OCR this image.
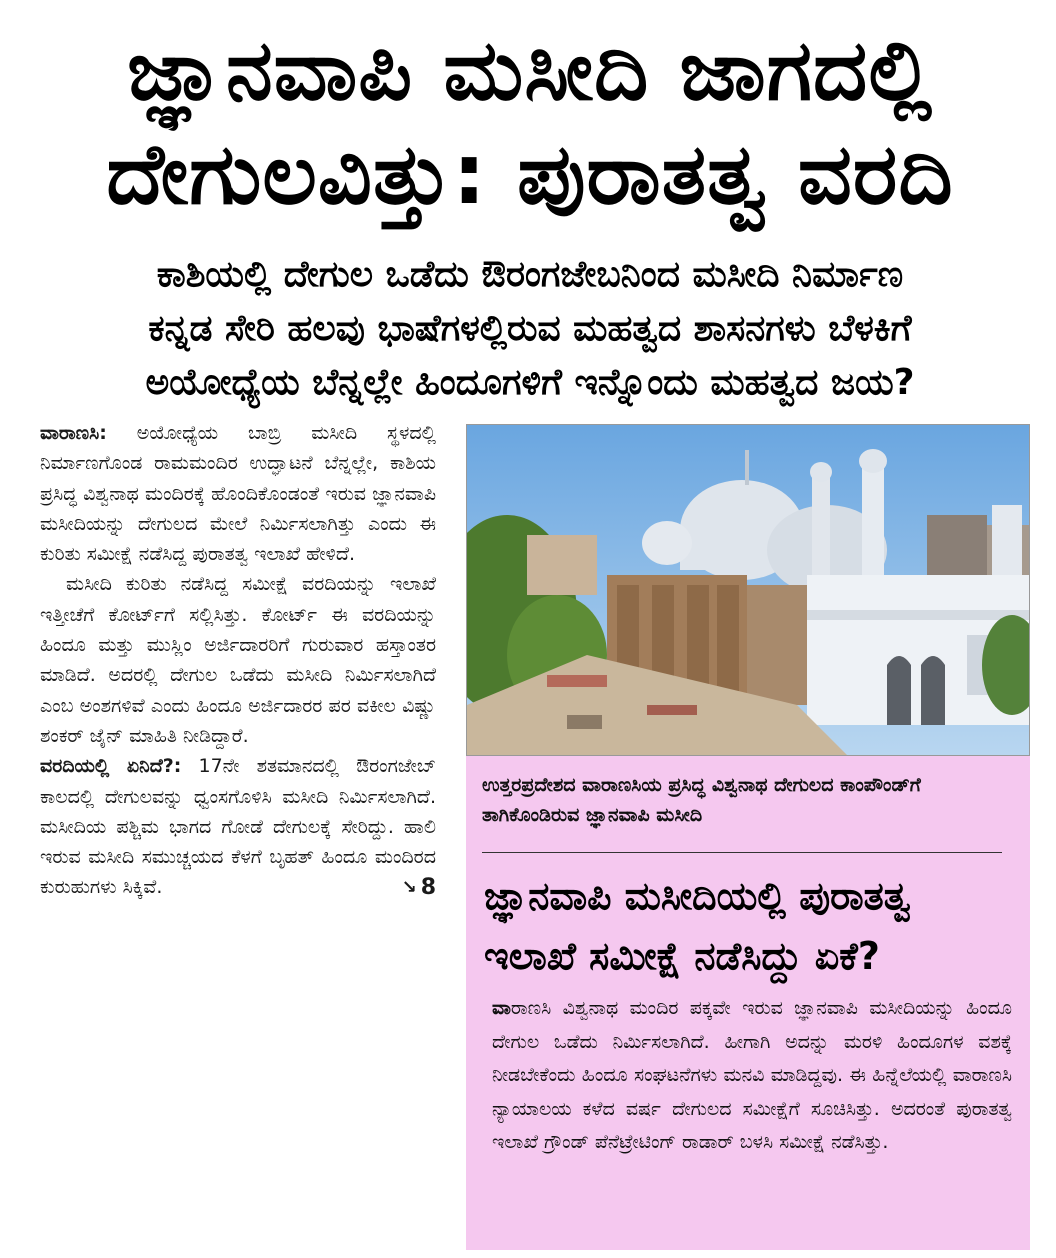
ಜ್ಞಾನವಾಪಿ ಮಸೀದಿ ಜಾಗದಲ್ಲಿ
ದೇಗುಲವಿತ್ತು: ಪುರಾತತ್ವ ವರದಿ
ಕಾಶಿಯಲ್ಲಿ ದೇಗುಲ ಒಡೆದು ಔರಂಗಜೇಬನಿಂದ ಮಸೀದಿ ನಿರ್ಮಾಣ
ಕನ್ನಡ ಸೇರಿ ಹಲವು ಭಾಷೆಗಳಲ್ಲಿರುವ ಮಹತ್ವದ ಶಾಸನಗಳು ಬೆಳಕಿಗೆ
ಅಯೋಧ್ಯೆಯ ಬೆನ್ನಲ್ಲೇ ಹಿಂದೂಗಳಿಗೆ ಇನ್ನೊಂದು ಮಹತ್ವದ ಜಯ?

ವಾರಾಣಸಿ: ಅಯೋಧ್ಯೆಯ ಬಾಬ್ರಿ ಮಸೀದಿ ಸ್ಥಳದಲ್ಲಿ ನಿರ್ಮಾಣಗೊಂಡ ರಾಮಮಂದಿರ ಉದ್ಘಾಟನೆ ಬೆನ್ನಲ್ಲೇ, ಕಾಶಿಯ ಪ್ರಸಿದ್ಧ ವಿಶ್ವನಾಥ ಮಂದಿರಕ್ಕೆ ಹೊಂದಿಕೊಂಡಂತೆ ಇರುವ ಜ್ಞಾನವಾಪಿ ಮಸೀದಿಯನ್ನು ದೇಗುಲದ ಮೇಲೆ ನಿರ್ಮಿಸಲಾಗಿತ್ತು ಎಂದು ಈ ಕುರಿತು ಸಮೀಕ್ಷೆ ನಡೆಸಿದ್ದ ಪುರಾತತ್ವ ಇಲಾಖೆ ಹೇಳಿದೆ.

ಮಸೀದಿ ಕುರಿತು ನಡೆಸಿದ್ದ ಸಮೀಕ್ಷೆ ವರದಿಯನ್ನು ಇಲಾಖೆ ಇತ್ತೀಚೆಗೆ ಕೋರ್ಟ್‌ಗೆ ಸಲ್ಲಿಸಿತ್ತು. ಕೋರ್ಟ್ ಈ ವರದಿಯನ್ನು ಹಿಂದೂ ಮತ್ತು ಮುಸ್ಲಿಂ ಅರ್ಜಿದಾರರಿಗೆ ಗುರುವಾರ ಹಸ್ತಾಂತರ ಮಾಡಿದೆ. ಅದರಲ್ಲಿ ದೇಗುಲ ಒಡೆದು ಮಸೀದಿ ನಿರ್ಮಿಸಲಾಗಿದೆ ಎಂಬ ಅಂಶಗಳಿವೆ ಎಂದು ಹಿಂದೂ ಅರ್ಜಿದಾರರ ಪರ ವಕೀಲ ವಿಷ್ಣು ಶಂಕರ್ ಜೈನ್ ಮಾಹಿತಿ ನೀಡಿದ್ದಾರೆ.

ವರದಿಯಲ್ಲಿ ಏನಿದೆ?: 17ನೇ ಶತಮಾನದಲ್ಲಿ ಔರಂಗಜೇಬ್ ಕಾಲದಲ್ಲಿ ದೇಗುಲವನ್ನು ಧ್ವಂಸಗೊಳಿಸಿ ಮಸೀದಿ ನಿರ್ಮಿಸಲಾಗಿದೆ. ಮಸೀದಿಯ ಪಶ್ಚಿಮ ಭಾಗದ ಗೋಡೆ ದೇಗುಲಕ್ಕೆ ಸೇರಿದ್ದು. ಹಾಲಿ ಇರುವ ಮಸೀದಿ ಸಮುಚ್ಚಯದ ಕೆಳಗೆ ಬೃಹತ್ ಹಿಂದೂ ಮಂದಿರದ ಕುರುಹುಗಳು ಸಿಕ್ಕಿವೆ.	↘ 8
ಉತ್ತರಪ್ರದೇಶದ ವಾರಾಣಸಿಯ ಪ್ರಸಿದ್ಧ ವಿಶ್ವನಾಥ ದೇಗುಲದ ಕಾಂಪೌಂಡ್‌ಗೆ ತಾಗಿಕೊಂಡಿರುವ ಜ್ಞಾನವಾಪಿ ಮಸೀದಿ
ಜ್ಞಾನವಾಪಿ ಮಸೀದಿಯಲ್ಲಿ ಪುರಾತತ್ವ ಇಲಾಖೆ ಸಮೀಕ್ಷೆ ನಡೆಸಿದ್ದು ಏಕೆ?
ವಾರಾಣಸಿ ವಿಶ್ವನಾಥ ಮಂದಿರ ಪಕ್ಕವೇ ಇರುವ ಜ್ಞಾನವಾಪಿ ಮಸೀದಿಯನ್ನು ಹಿಂದೂ ದೇಗುಲ ಒಡೆದು ನಿರ್ಮಿಸಲಾಗಿದೆ. ಹೀಗಾಗಿ ಅದನ್ನು ಮರಳಿ ಹಿಂದೂಗಳ ವಶಕ್ಕೆ ನೀಡಬೇಕೆಂದು ಹಿಂದೂ ಸಂಘಟನೆಗಳು ಮನವಿ ಮಾಡಿದ್ದವು. ಈ ಹಿನ್ನೆಲೆಯಲ್ಲಿ ವಾರಾಣಸಿ ನ್ಯಾಯಾಲಯ ಕಳೆದ ವರ್ಷ ದೇಗುಲದ ಸಮೀಕ್ಷೆಗೆ ಸೂಚಿಸಿತ್ತು. ಅದರಂತೆ ಪುರಾತತ್ವ ಇಲಾಖೆ ಗ್ರೌಂಡ್ ಪೆನೆಟ್ರೇಟಿಂಗ್ ರಾಡಾರ್ ಬಳಸಿ ಸಮೀಕ್ಷೆ ನಡೆಸಿತ್ತು.
